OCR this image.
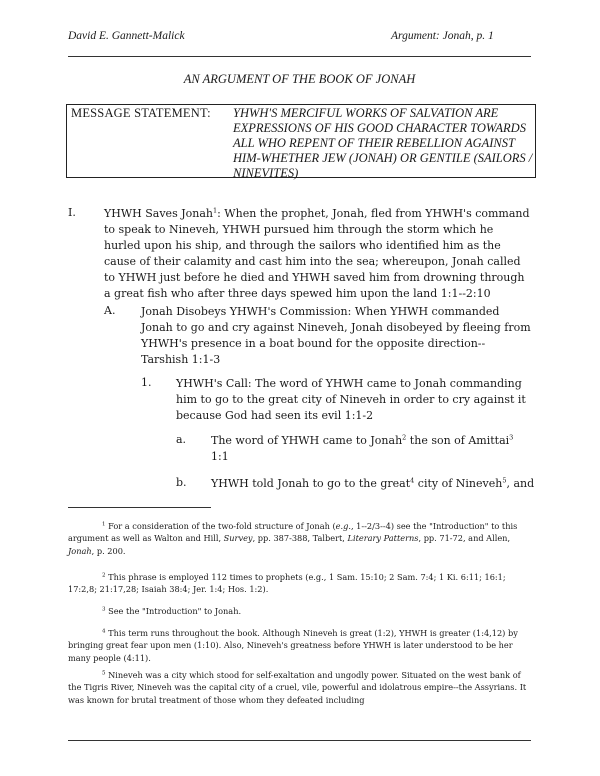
David E. Gannett-Malick	Argument: Jonah, p. 1
AN ARGUMENT OF THE BOOK OF JONAH
MESSAGE STATEMENT: YHWH'S MERCIFUL WORKS OF SALVATION ARE EXPRESSIONS OF HIS GOOD CHARACTER TOWARDS ALL WHO REPENT OF THEIR REBELLION AGAINST HIM-WHETHER JEW (JONAH) OR GENTILE (SAILORS / NINEVITES)
I.	YHWH Saves Jonah$^1$: When the prophet, Jonah, fled from YHWH's command to speak to Nineveh, YHWH pursued him through the storm which he hurled upon his ship, and through the sailors who identified him as the cause of their calamity and cast him into the sea; whereupon, Jonah called to YHWH just before he died and YHWH saved him from drowning through a great fish who after three days spewed him upon the land 1:1--2:10
A. Jonah Disobeys YHWH's Commission: When YHWH commanded Jonah to go and cry against Nineveh, Jonah disobeyed by fleeing from YHWH's presence in a boat bound for the opposite direction--Tarshish 1:1-3
1. YHWH's Call: The word of YHWH came to Jonah commanding him to go to the great city of Nineveh in order to cry against it because God had seen its evil 1:1-2
a. The word of YHWH came to Jonah$^2$ the son of Amittai$^3$
1:1
b. YHWH told Jonah to go to the great$^4$ city of Nineveh$^5$, and
$^1$ For a consideration of the two-fold structure of Jonah (e.g., 1--2/3--4) see the "Introduction" to this argument as well as Walton and Hill, Survey, pp. 387-388, Talbert, Literary Patterns, pp. 71-72, and Allen, Jonah, p. 200.
$^2$ This phrase is employed 112 times to prophets (e.g., 1 Sam. 15:10; 2 Sam. 7:4; 1 Ki. 6:11; 16:1; 17:2,8; 21:17,28; Isaiah 38:4; Jer. 1:4; Hos. 1:2).
$^3$ See the "Introduction" to Jonah.
$^4$ This term runs throughout the book. Although Nineveh is great (1:2), YHWH is greater (1:4,12) by bringing great fear upon men (1:10). Also, Nineveh's greatness before YHWH is later understood to be her many people (4:11).
$^5$ Nineveh was a city which stood for self-exaltation and ungodly power. Situated on the west bank of the Tigris River, Nineveh was the capital city of a cruel, vile, powerful and idolatrous empire--the Assyrians. It was known for brutal treatment of those whom they defeated including
